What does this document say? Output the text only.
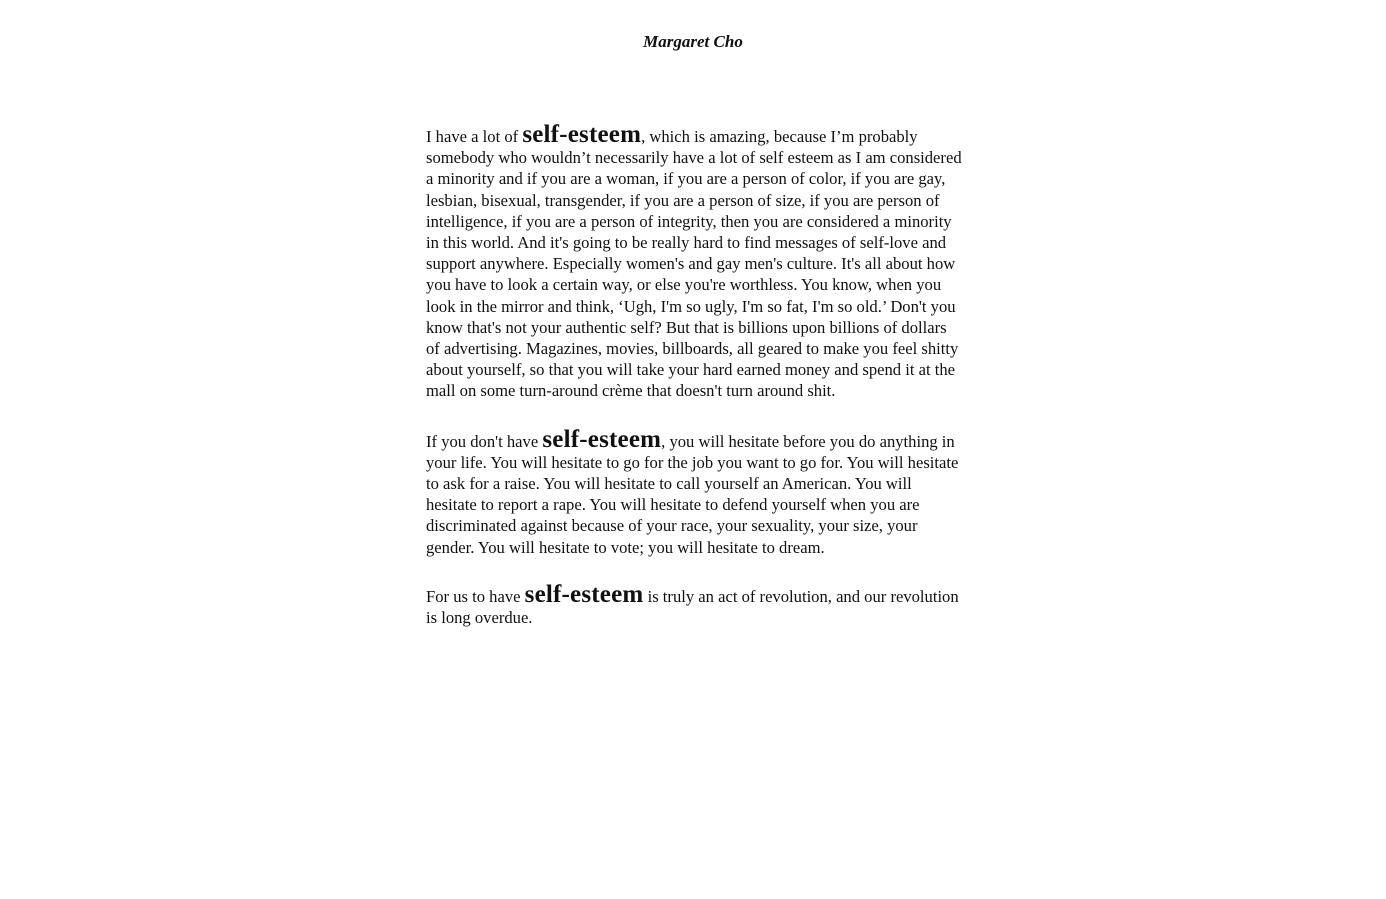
Margaret Cho

I have a lot of self-esteem, which is amazing, because I’m probably somebody who wouldn’t necessarily have a lot of self esteem as I am considered a minority and if you are a woman, if you are a person of color, if you are gay, lesbian, bisexual, transgender, if you are a person of size, if you are person of intelligence, if you are a person of integrity, then you are considered a minority in this world. And it's going to be really hard to find messages of self-love and support anywhere. Especially women's and gay men's culture. It's all about how you have to look a certain way, or else you're worthless. You know, when you look in the mirror and think, ‘Ugh, I'm so ugly, I'm so fat, I'm so old.’ Don't you know that's not your authentic self? But that is billions upon billions of dollars of advertising. Magazines, movies, billboards, all geared to make you feel shitty about yourself, so that you will take your hard earned money and spend it at the mall on some turn-around crème that doesn't turn around shit.

If you don't have self-esteem, you will hesitate before you do anything in your life. You will hesitate to go for the job you want to go for. You will hesitate to ask for a raise. You will hesitate to call yourself an American. You will hesitate to report a rape. You will hesitate to defend yourself when you are discriminated against because of your race, your sexuality, your size, your gender. You will hesitate to vote; you will hesitate to dream.

For us to have self-esteem is truly an act of revolution, and our revolution is long overdue.
